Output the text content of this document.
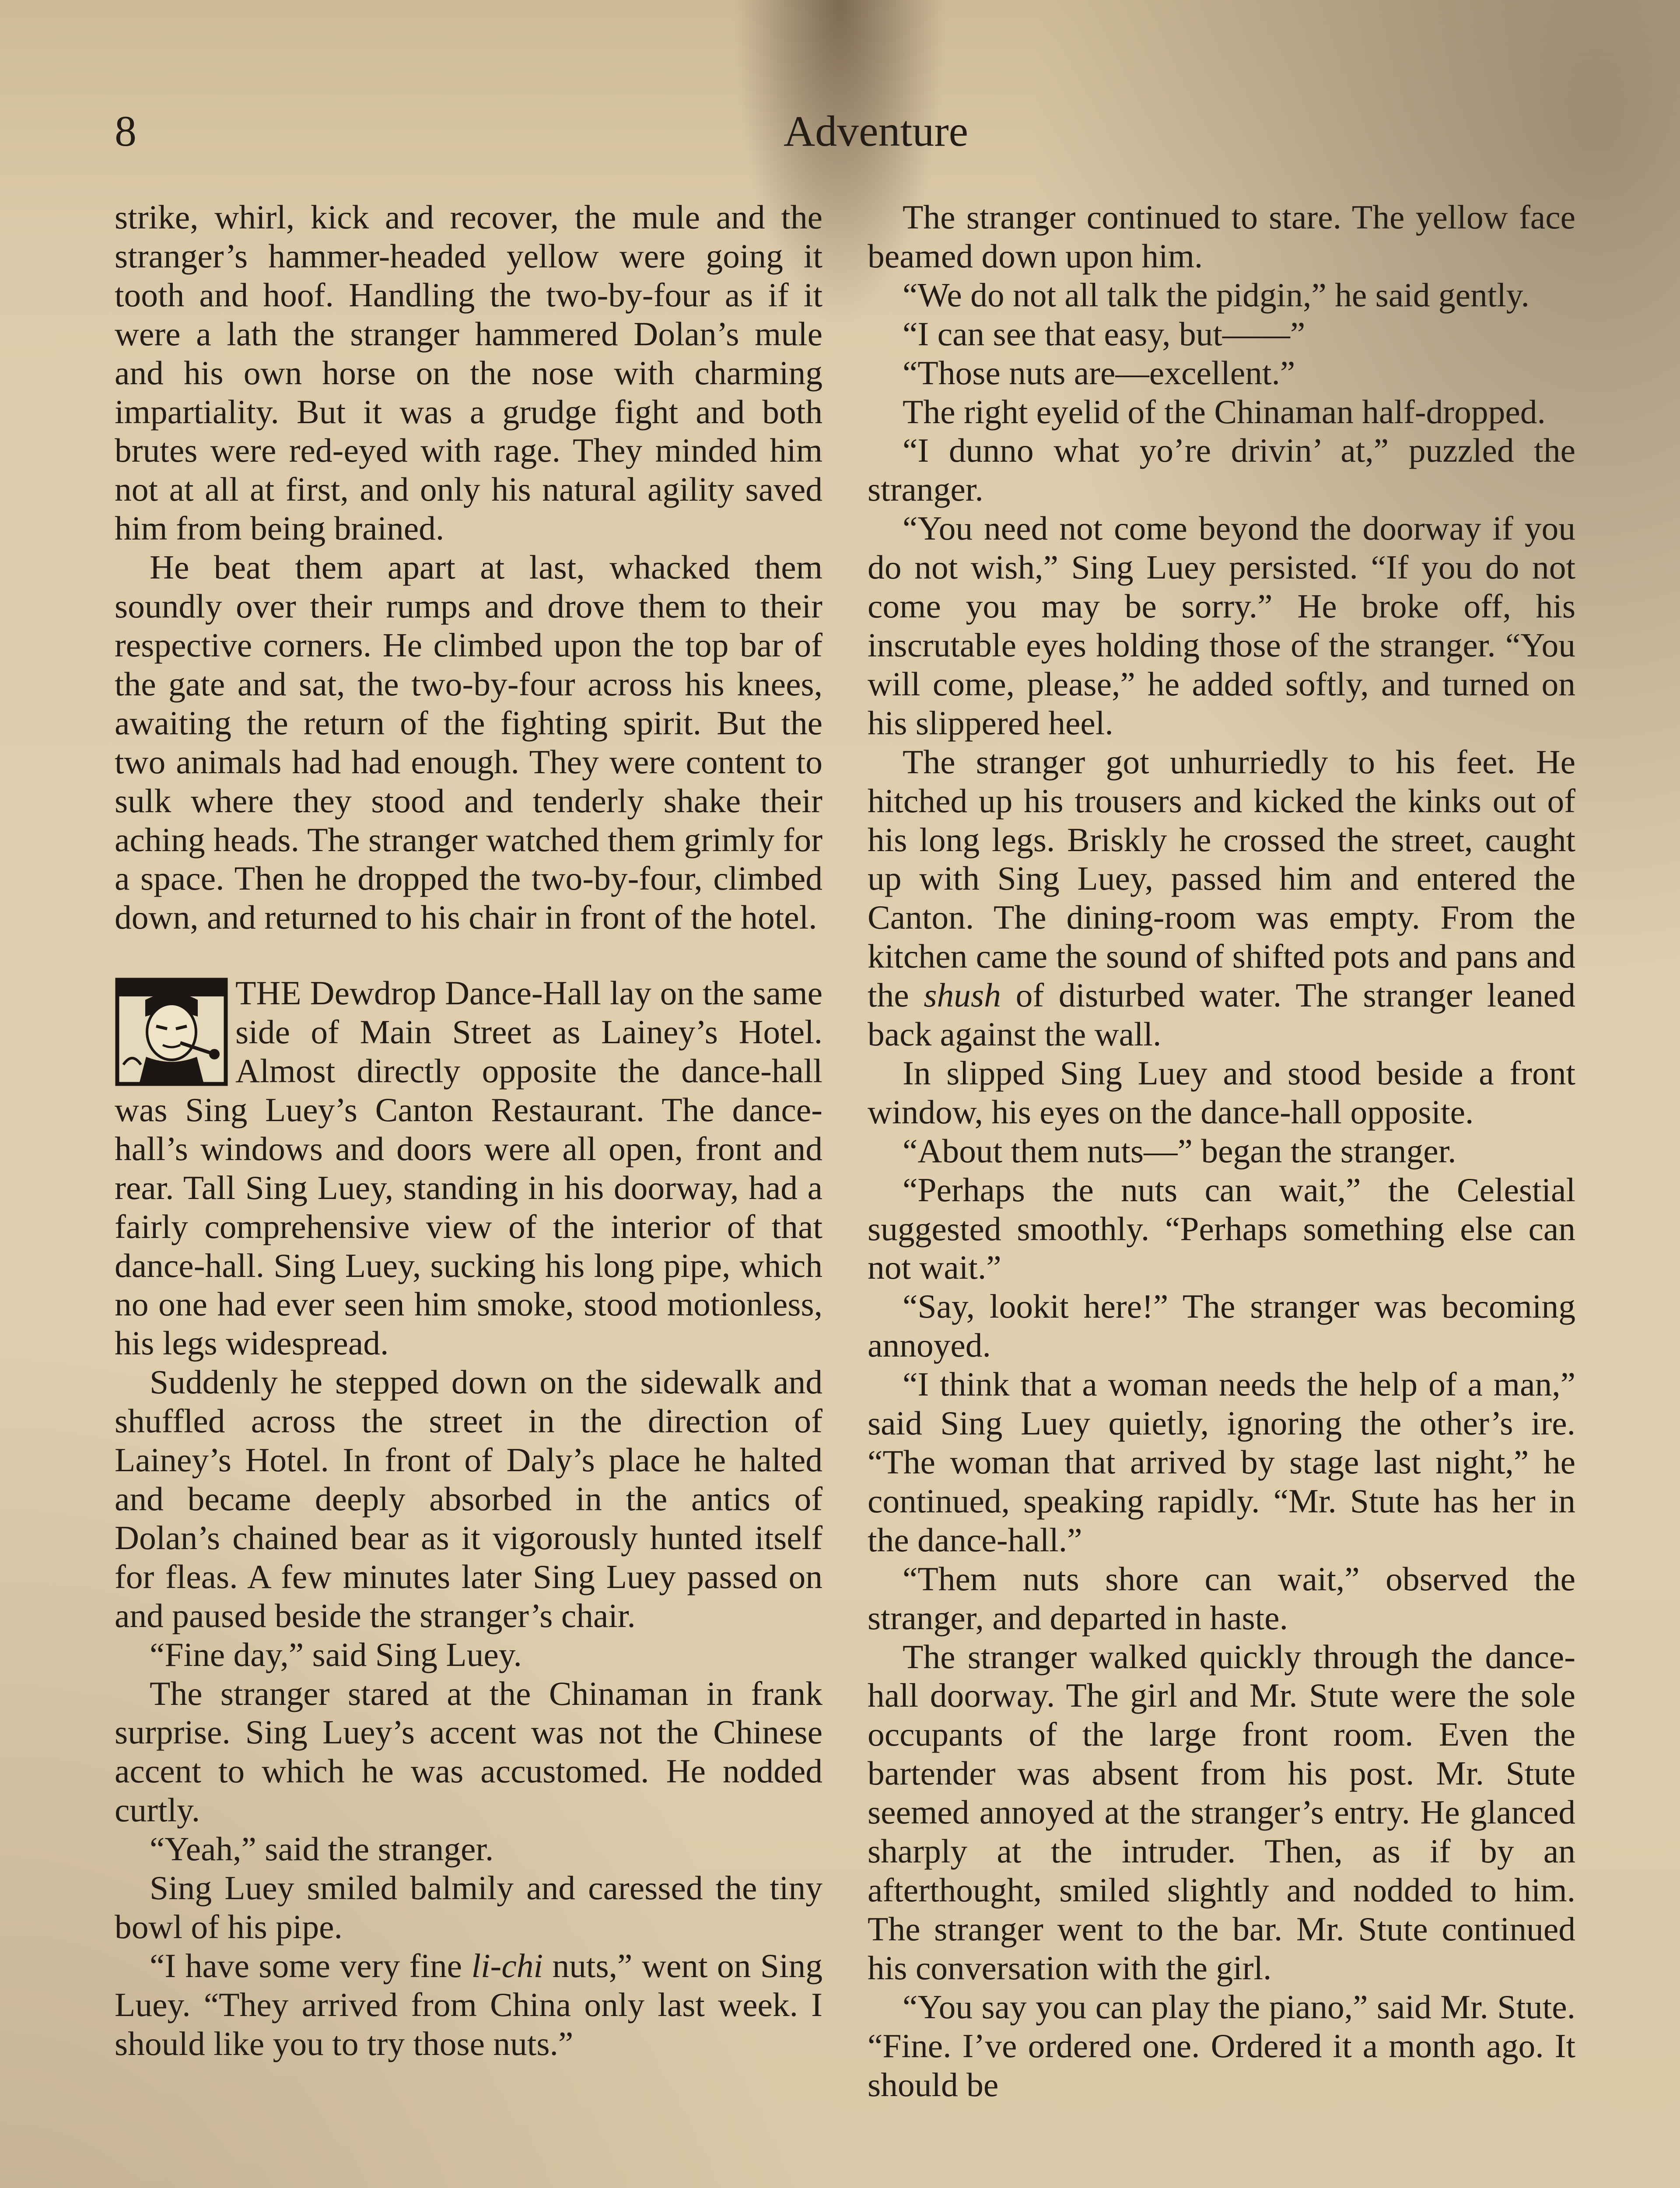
8	Adventure

strike, whirl, kick and recover, the mule and the stranger’s hammer-headed yellow were going it tooth and hoof. Handling the two-by-four as if it were a lath the stranger hammered Dolan’s mule and his own horse on the nose with charming impartiality. But it was a grudge fight and both brutes were red-eyed with rage. They minded him not at all at first, and only his natural agility saved him from being brained.

He beat them apart at last, whacked them soundly over their rumps and drove them to their respective corners. He climbed upon the top bar of the gate and sat, the two-by-four across his knees, awaiting the return of the fighting spirit. But the two animals had had enough. They were content to sulk where they stood and tenderly shake their aching heads. The stranger watched them grimly for a space. Then he dropped the two-by-four, climbed down, and returned to his chair in front of the hotel.

THE Dewdrop Dance-Hall lay on the same side of Main Street as Lainey’s Hotel. Almost directly opposite the dance-hall was Sing Luey’s Canton Restaurant. The dance-hall’s windows and doors were all open, front and rear. Tall Sing Luey, standing in his doorway, had a fairly comprehensive view of the interior of that dance-hall. Sing Luey, sucking his long pipe, which no one had ever seen him smoke, stood motionless, his legs widespread.

Suddenly he stepped down on the sidewalk and shuffled across the street in the direction of Lainey’s Hotel. In front of Daly’s place he halted and became deeply absorbed in the antics of Dolan’s chained bear as it vigorously hunted itself for fleas. A few minutes later Sing Luey passed on and paused beside the stranger’s chair.

“Fine day,” said Sing Luey.

The stranger stared at the Chinaman in frank surprise. Sing Luey’s accent was not the Chinese accent to which he was accustomed. He nodded curtly.

“Yeah,” said the stranger.

Sing Luey smiled balmily and caressed the tiny bowl of his pipe.

“I have some very fine li-chi nuts,” went on Sing Luey. “They arrived from China only last week. I should like you to try those nuts.”

The stranger continued to stare. The yellow face beamed down upon him.

“We do not all talk the pidgin,” he said gently.

“I can see that easy, but——”

“Those nuts are—excellent.”

The right eyelid of the Chinaman half-dropped.

“I dunno what yo’re drivin’ at,” puzzled the stranger.

“You need not come beyond the doorway if you do not wish,” Sing Luey persisted. “If you do not come you may be sorry.” He broke off, his inscrutable eyes holding those of the stranger. “You will come, please,” he added softly, and turned on his slippered heel.

The stranger got unhurriedly to his feet. He hitched up his trousers and kicked the kinks out of his long legs. Briskly he crossed the street, caught up with Sing Luey, passed him and entered the Canton. The dining-room was empty. From the kitchen came the sound of shifted pots and pans and the shush of disturbed water. The stranger leaned back against the wall.

In slipped Sing Luey and stood beside a front window, his eyes on the dance-hall opposite.

“About them nuts—” began the stranger.

“Perhaps the nuts can wait,” the Celestial suggested smoothly. “Perhaps something else can not wait.”

“Say, lookit here!” The stranger was becoming annoyed.

“I think that a woman needs the help of a man,” said Sing Luey quietly, ignoring the other’s ire. “The woman that arrived by stage last night,” he continued, speaking rapidly. “Mr. Stute has her in the dance-hall.”

“Them nuts shore can wait,” observed the stranger, and departed in haste.

The stranger walked quickly through the dance-hall doorway. The girl and Mr. Stute were the sole occupants of the large front room. Even the bartender was absent from his post. Mr. Stute seemed annoyed at the stranger’s entry. He glanced sharply at the intruder. Then, as if by an afterthought, smiled slightly and nodded to him. The stranger went to the bar. Mr. Stute continued his conversation with the girl.

“You say you can play the piano,” said Mr. Stute. “Fine. I’ve ordered one. Ordered it a month ago. It should be
